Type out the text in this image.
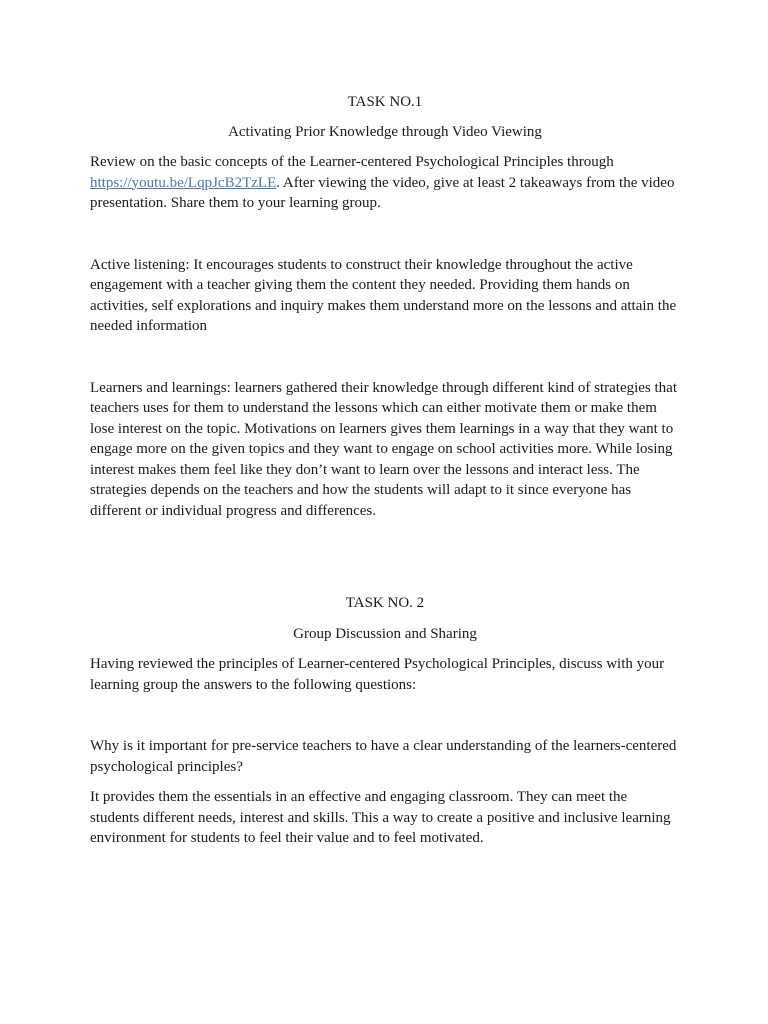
TASK NO.1

Activating Prior Knowledge through Video Viewing

Review on the basic concepts of the Learner-centered Psychological Principles through https://youtu.be/LqpJcB2TzLE. After viewing the video, give at least 2 takeaways from the video presentation. Share them to your learning group.

Active listening: It encourages students to construct their knowledge throughout the active engagement with a teacher giving them the content they needed. Providing them hands on activities, self explorations and inquiry makes them understand more on the lessons and attain the needed information

Learners and learnings: learners gathered their knowledge through different kind of strategies that teachers uses for them to understand the lessons which can either motivate them or make them lose interest on the topic. Motivations on learners gives them learnings in a way that they want to engage more on the given topics and they want to engage on school activities more. While losing interest makes them feel like they don’t want to learn over the lessons and interact less. The strategies depends on the teachers and how the students will adapt to it since everyone has different or individual progress and differences.

TASK NO. 2

Group Discussion and Sharing

Having reviewed the principles of Learner-centered Psychological Principles, discuss with your learning group the answers to the following questions:

Why is it important for pre-service teachers to have a clear understanding of the learners-centered psychological principles?

It provides them the essentials in an effective and engaging classroom. They can meet the students different needs, interest and skills. This a way to create a positive and inclusive learning environment for students to feel their value and to feel motivated.
